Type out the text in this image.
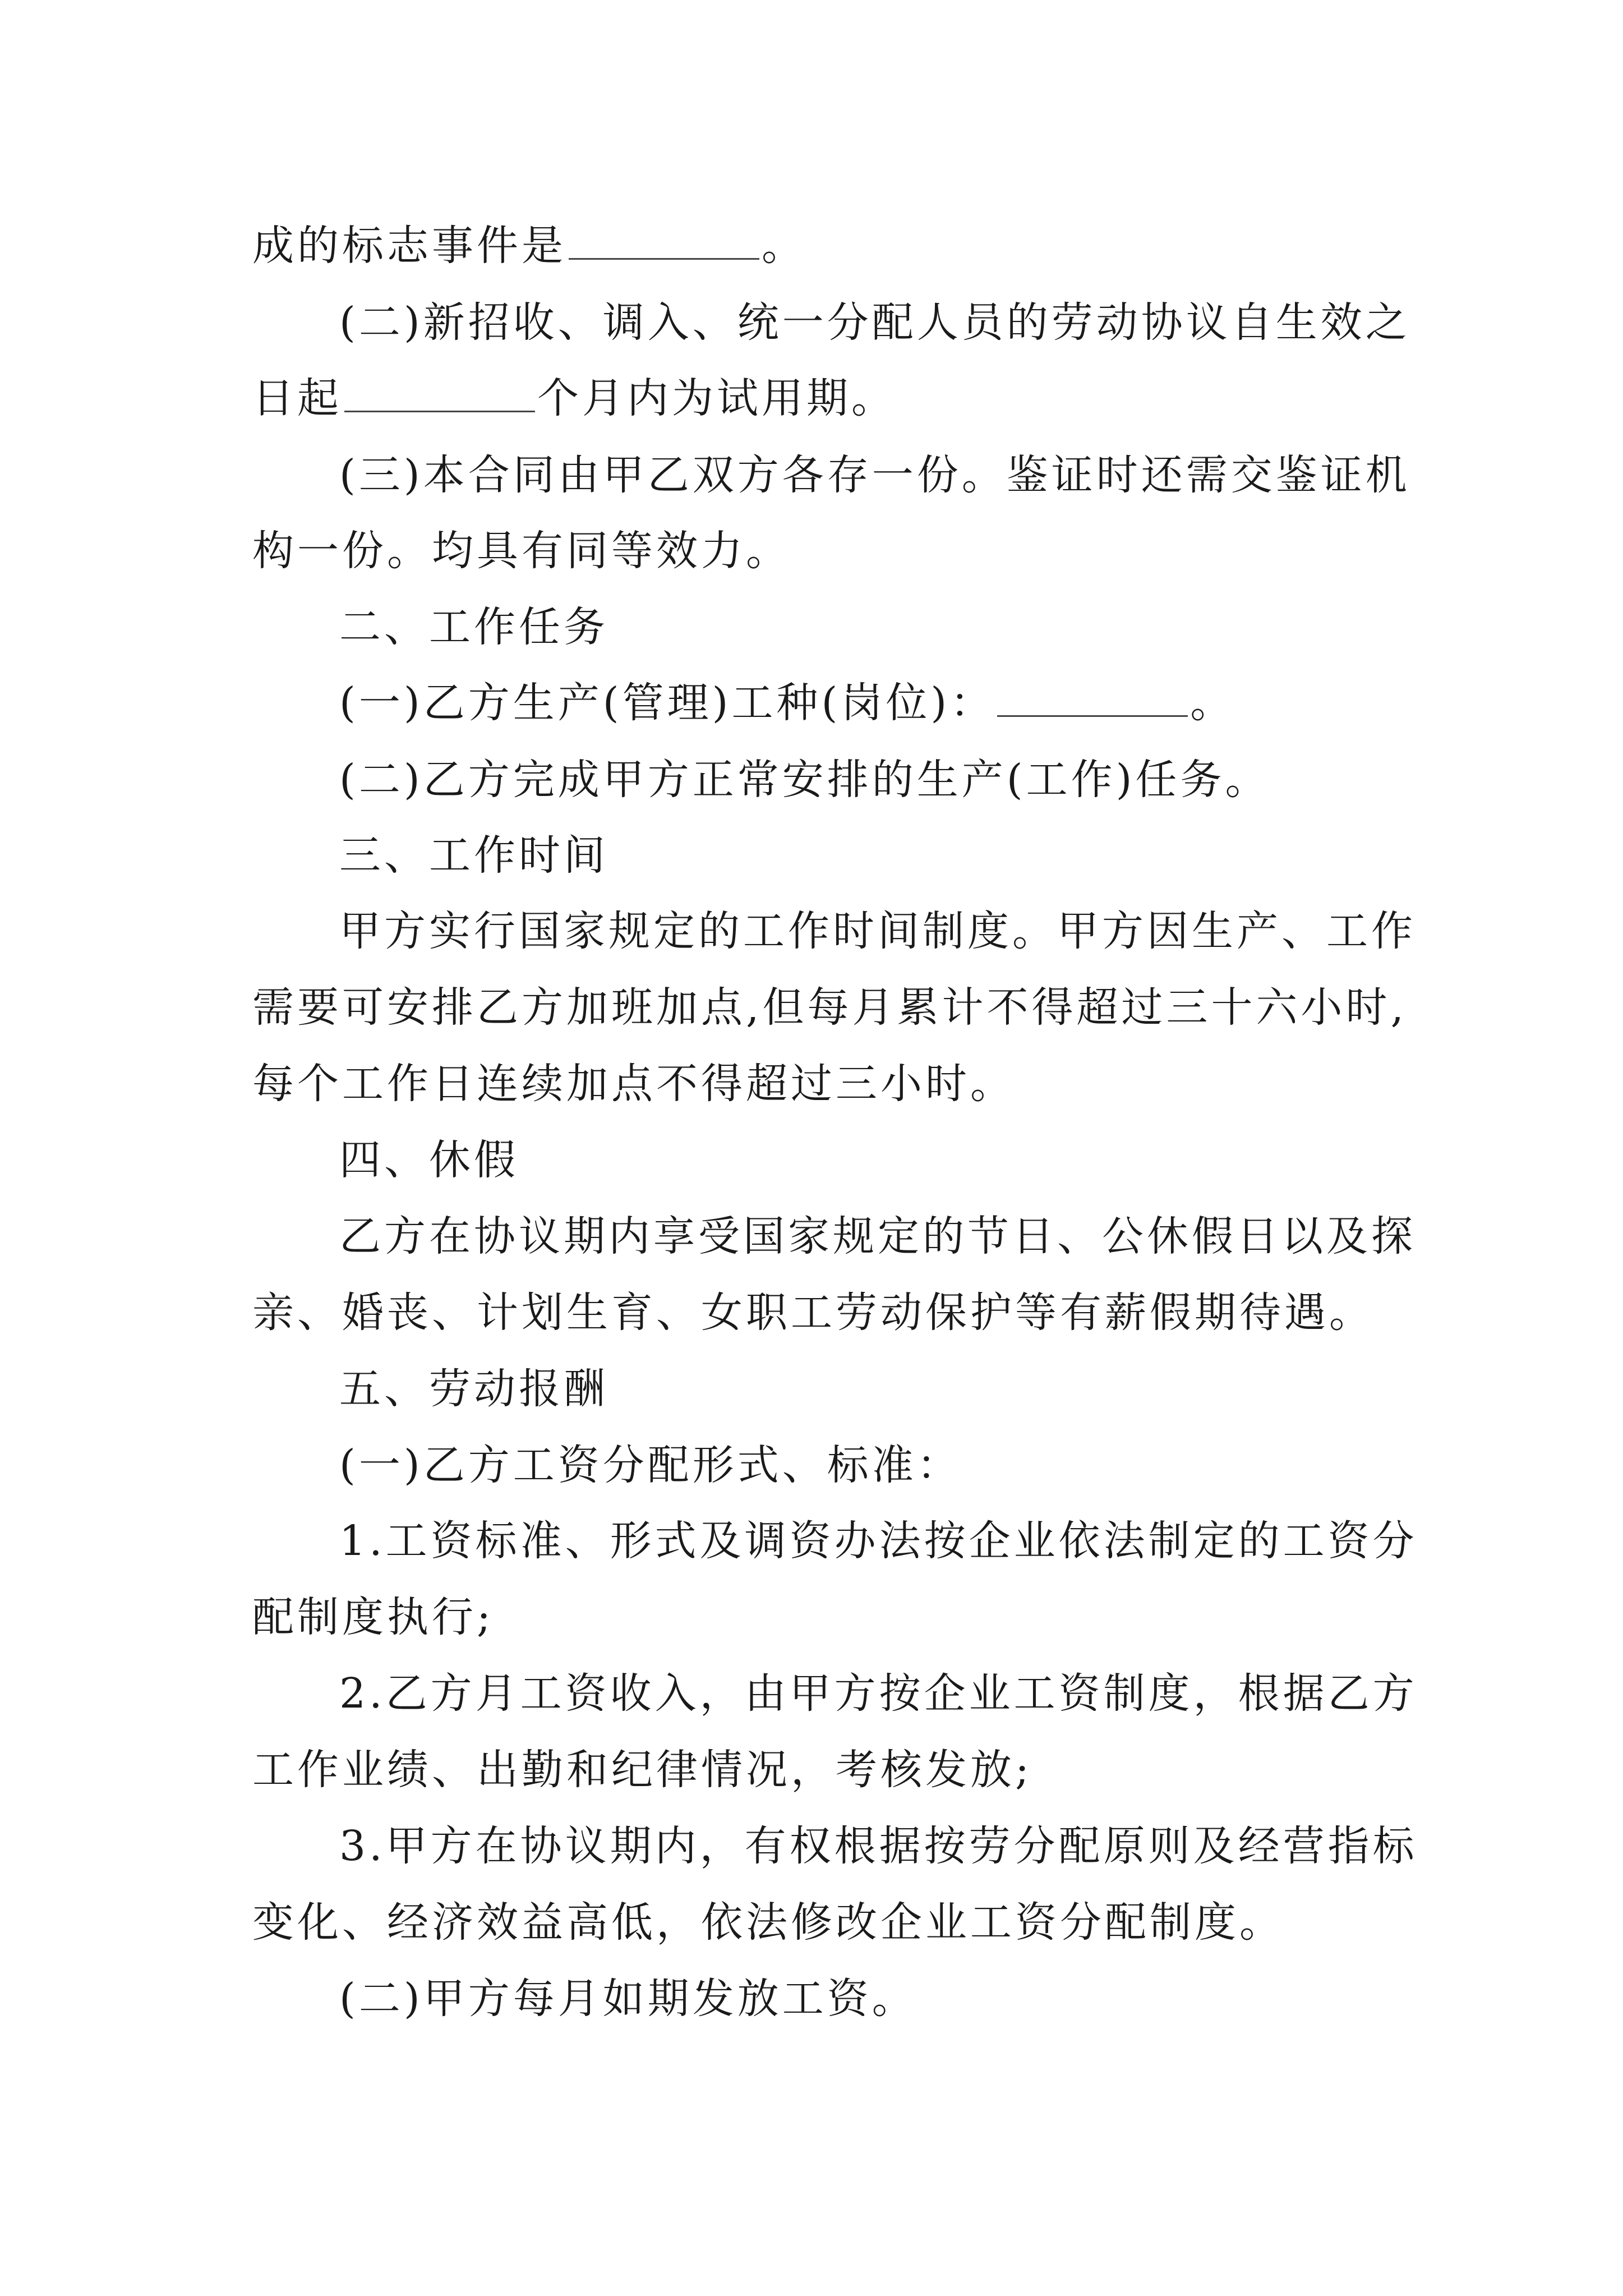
成的标志事件是	。
(二)新招收、调入、统一分配人员的劳动协议自生效之
日起	个月内为试用期。
(三)本合同由甲乙双方各存一份。鉴证时还需交鉴证机
构一份。均具有同等效力。
二、工作任务
(一)乙方生产(管理)工种(岗位)：	。
(二)乙方完成甲方正常安排的生产(工作)任务。
三、工作时间
甲方实行国家规定的工作时间制度。甲方因生产、工作
需要可安排乙方加班加点,但每月累计不得超过三十六小时,
每个工作日连续加点不得超过三小时。
四、休假
乙方在协议期内享受国家规定的节日、公休假日以及探
亲、婚丧、计划生育、女职工劳动保护等有薪假期待遇。
五、劳动报酬
(一)乙方工资分配形式、标准：
1.工资标准、形式及调资办法按企业依法制定的工资分
配制度执行;
2.乙方月工资收入，由甲方按企业工资制度，根据乙方
工作业绩、出勤和纪律情况，考核发放;
3.甲方在协议期内，有权根据按劳分配原则及经营指标
变化、经济效益高低，依法修改企业工资分配制度。
(二)甲方每月如期发放工资。
